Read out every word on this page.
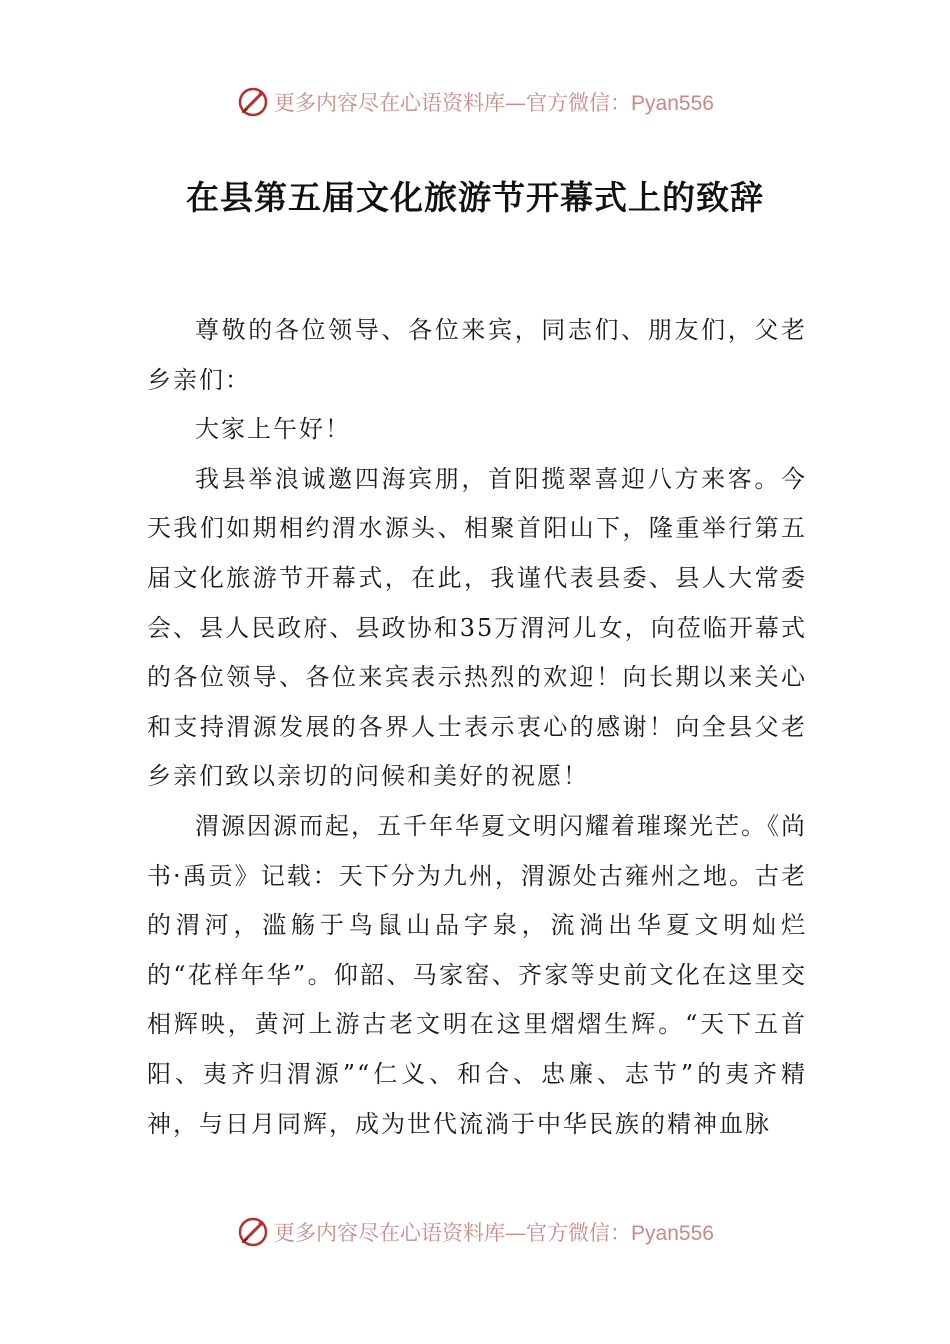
更多内容尽在心语资料库—官方微信：Pyan556
在县第五届文化旅游节开幕式上的致辞

尊敬的各位领导、各位来宾，同志们、朋友们，父老乡亲们：

大家上午好！

我县举浪诚邀四海宾朋，首阳揽翠喜迎八方来客。今天我们如期相约渭水源头、相聚首阳山下，隆重举行第五届文化旅游节开幕式，在此，我谨代表县委、县人大常委会、县人民政府、县政协和35万渭河儿女，向莅临开幕式的各位领导、各位来宾表示热烈的欢迎！向长期以来关心和支持渭源发展的各界人士表示衷心的感谢！向全县父老乡亲们致以亲切的问候和美好的祝愿！

渭源因源而起，五千年华夏文明闪耀着璀璨光芒。《尚书·禹贡》记载：天下分为九州，渭源处古雍州之地。古老的渭河，滥觞于鸟鼠山品字泉，流淌出华夏文明灿烂的“花样年华”。仰韶、马家窑、齐家等史前文化在这里交相辉映，黄河上游古老文明在这里熠熠生辉。“天下五首阳、夷齐归渭源”“仁义、和合、忠廉、志节”的夷齐精神，与日月同辉，成为世代流淌于中华民族的精神血脉

更多内容尽在心语资料库—官方微信：Pyan556
